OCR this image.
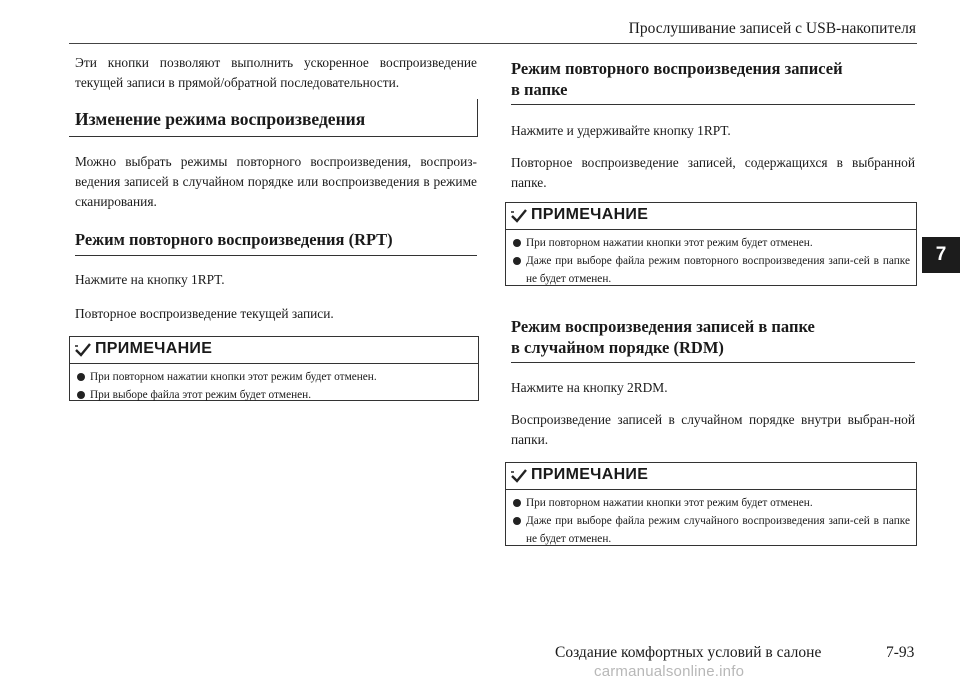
Прослушивание записей с USB-накопителя

Эти кнопки позволяют выполнить ускоренное воспроизведение текущей записи в прямой/обратной последовательности.

Изменение режима воспроизведения

Можно выбрать режимы повторного воспроизведения, воспроиз-ведения записей в случайном порядке или воспроизведения в режиме сканирования.

Режим повторного воспроизведения (RPT)

Нажмите на кнопку 1RPT.

Повторное воспроизведение текущей записи.

ПРИМЕЧАНИЕ
При повторном нажатии кнопки этот режим будет отменен.
При выборе файла этот режим будет отменен.
Режим повторного воспроизведения записей
в папке

Нажмите и удерживайте кнопку 1RPT.

Повторное воспроизведение записей, содержащихся в выбранной папке.

ПРИМЕЧАНИЕ
При повторном нажатии кнопки этот режим будет отменен.
Даже при выборе файла режим повторного воспроизведения запи-сей в папке не будет отменен.
Режим воспроизведения записей в папке
в случайном порядке (RDM)

Нажмите на кнопку 2RDM.

Воспроизведение записей в случайном порядке внутри выбран-ной папки.

ПРИМЕЧАНИЕ
При повторном нажатии кнопки этот режим будет отменен.
Даже при выборе файла режим случайного воспроизведения запи-сей в папке не будет отменен.
7
Создание комфортных условий в салоне	7-93
carmanualsonline.info
